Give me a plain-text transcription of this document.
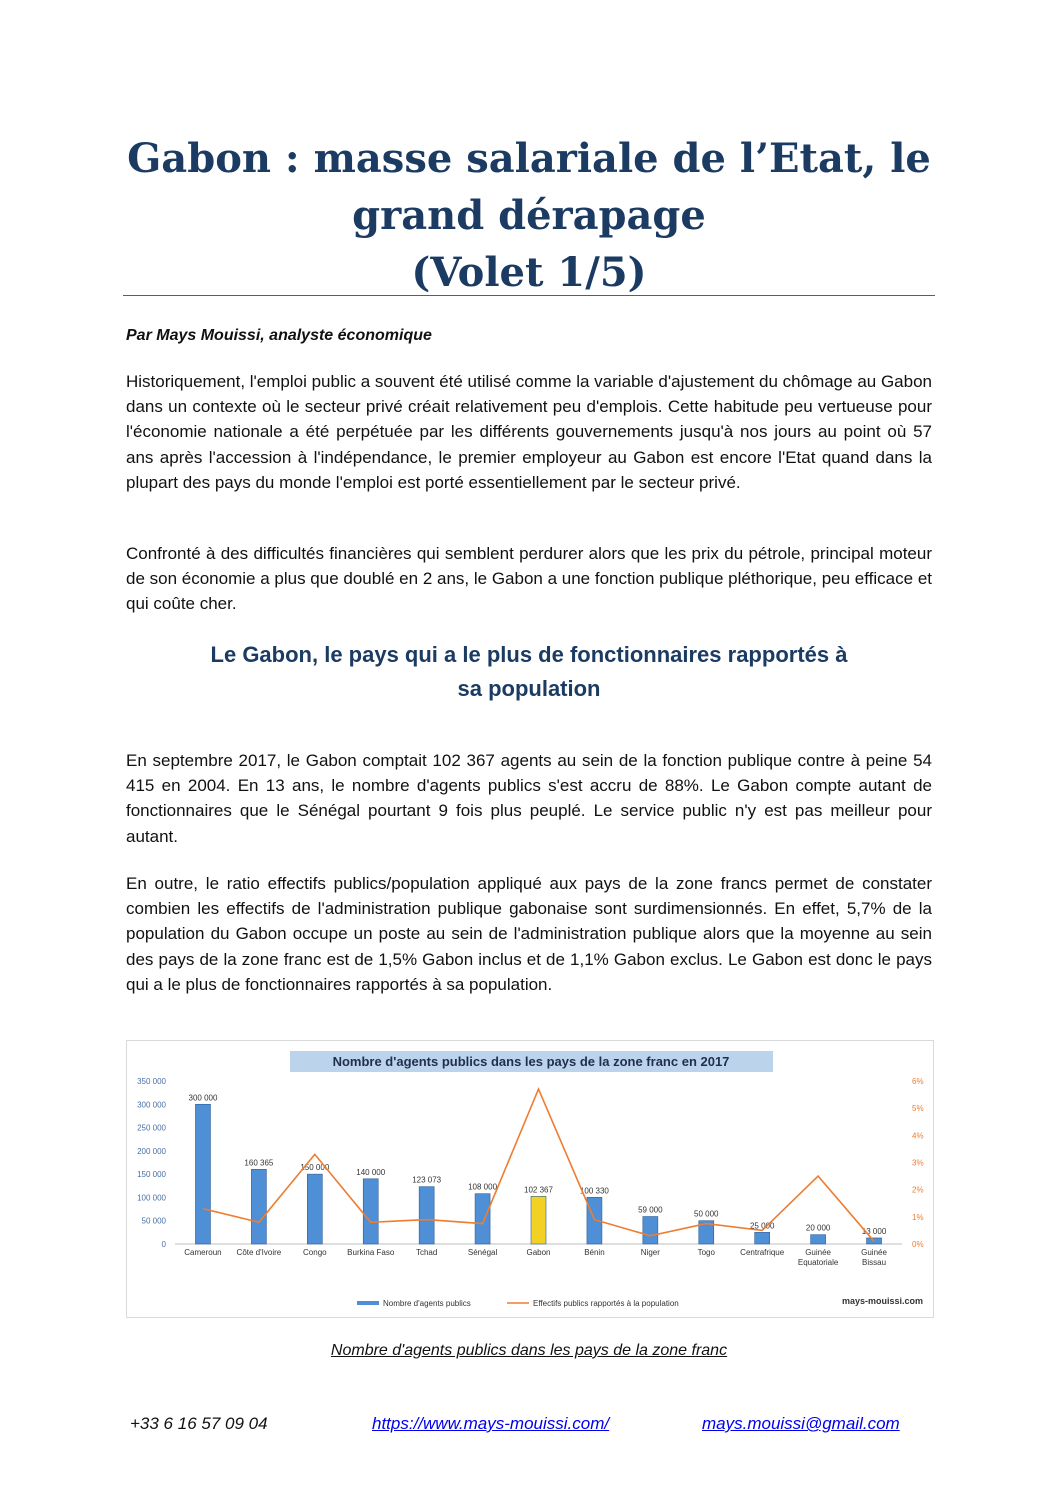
Gabon : masse salariale de l’Etat, le
grand dérapage
(Volet 1/5)

Par Mays Mouissi, analyste économique

Historiquement, l'emploi public a souvent été utilisé comme la variable d'ajustement du chômage au Gabon dans un contexte où le secteur privé créait relativement peu d'emplois. Cette habitude peu vertueuse pour l'économie nationale a été perpétuée par les différents gouvernements jusqu'à nos jours au point où 57 ans après l'accession à l'indépendance, le premier employeur au Gabon est encore l'Etat quand dans la plupart des pays du monde l'emploi est porté essentiellement par le secteur privé.

Confronté à des difficultés financières qui semblent perdurer alors que les prix du pétrole, principal moteur de son économie a plus que doublé en 2 ans, le Gabon a une fonction publique pléthorique, peu efficace et qui coûte cher.

Le Gabon, le pays qui a le plus de fonctionnaires rapportés à
sa population

En septembre 2017, le Gabon comptait 102 367 agents au sein de la fonction publique contre à peine 54 415 en 2004. En 13 ans, le nombre d'agents publics s'est accru de 88%. Le Gabon compte autant de fonctionnaires que le Sénégal pourtant 9 fois plus peuplé. Le service public n'y est pas meilleur pour autant.

En outre, le ratio effectifs publics/population appliqué aux pays de la zone francs permet de constater combien les effectifs de l'administration publique gabonaise sont surdimensionnés. En effet, 5,7% de la population du Gabon occupe un poste au sein de l'administration publique alors que la moyenne au sein des pays de la zone franc est de 1,5% Gabon inclus et de 1,1% Gabon exclus. Le Gabon est donc le pays qui a le plus de fonctionnaires rapportés à sa population.

Nombre d'agents publics dans les pays de la zone franc en 2017
0
50 000
100 000
150 000
200 000
250 000
300 000
350 000
0%
1%
2%
3%
4%
5%
6%
300 000
160 365
150 000
140 000
123 073
108 000	102 367	100 330
59 000	50 000
25 000	20 000	13 000
Cameroun Côte d'Ivoire	Congo	Burkina Faso	Tchad	Sénégal	Gabon	Bénin	Niger	Togo	Centrafrique	Guinée
Equatoriale
Guinée
Bissau
Nombre d'agents publics	Effectifs publics rapportés à la population	mays-mouissi.com

Nombre d'agents publics dans les pays de la zone franc

+33 6 16 57 09 04	https://www.mays-mouissi.com/	mays.mouissi@gmail.com
